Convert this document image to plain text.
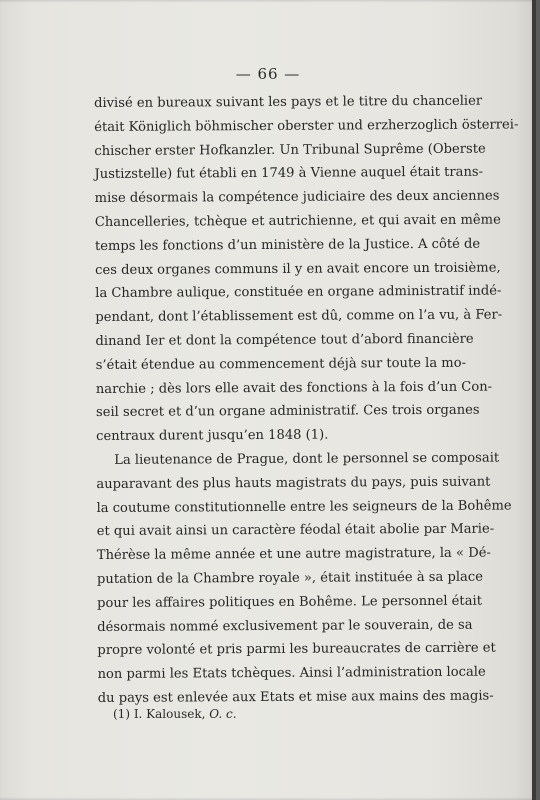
— 66 —

divisé en bureaux suivant les pays et le titre du chancelier
était Königlich böhmischer oberster und erzherzoglich österrei-
chischer erster Hofkanzler. Un Tribunal Suprême (Oberste
Justizstelle) fut établi en 1749 à Vienne auquel était trans-
mise désormais la compétence judiciaire des deux anciennes
Chancelleries, tchèque et autrichienne, et qui avait en même
temps les fonctions d’un ministère de la Justice. A côté de
ces deux organes communs il y en avait encore un troisième,
la Chambre aulique, constituée en organe administratif indé-
pendant, dont l’établissement est dû, comme on l’a vu, à Fer-
dinand Ier et dont la compétence tout d’abord financière
s’était étendue au commencement déjà sur toute la mo-
narchie ; dès lors elle avait des fonctions à la fois d’un Con-
seil secret et d’un organe administratif. Ces trois organes
centraux durent jusqu’en 1848 (1).
La lieutenance de Prague, dont le personnel se composait
auparavant des plus hauts magistrats du pays, puis suivant
la coutume constitutionnelle entre les seigneurs de la Bohême
et qui avait ainsi un caractère féodal était abolie par Marie-
Thérèse la même année et une autre magistrature, la « Dé-
putation de la Chambre royale », était instituée à sa place
pour les affaires politiques en Bohême. Le personnel était
désormais nommé exclusivement par le souverain, de sa
propre volonté et pris parmi les bureaucrates de carrière et
non parmi les Etats tchèques. Ainsi l’administration locale
du pays est enlevée aux Etats et mise aux mains des magis-

(1) I. Kalousek, O. c.
